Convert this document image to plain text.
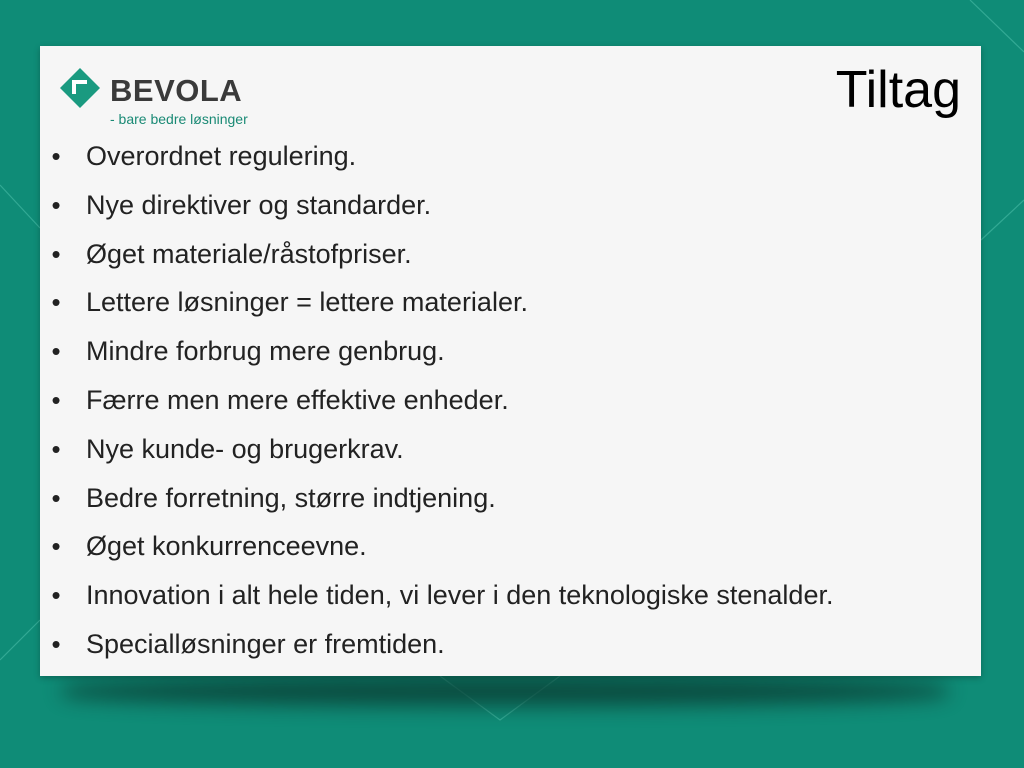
BEVOLA
- bare bedre løsninger	Tiltag
• Overordnet regulering.
• Nye direktiver og standarder.
• Øget materiale/råstofpriser.
• Lettere løsninger = lettere materialer.
• Mindre forbrug mere genbrug.
• Færre men mere effektive enheder.
• Nye kunde- og brugerkrav.
• Bedre forretning, større indtjening.
• Øget konkurrenceevne.
• Innovation i alt hele tiden, vi lever i den teknologiske stenalder.
• Specialløsninger er fremtiden.
